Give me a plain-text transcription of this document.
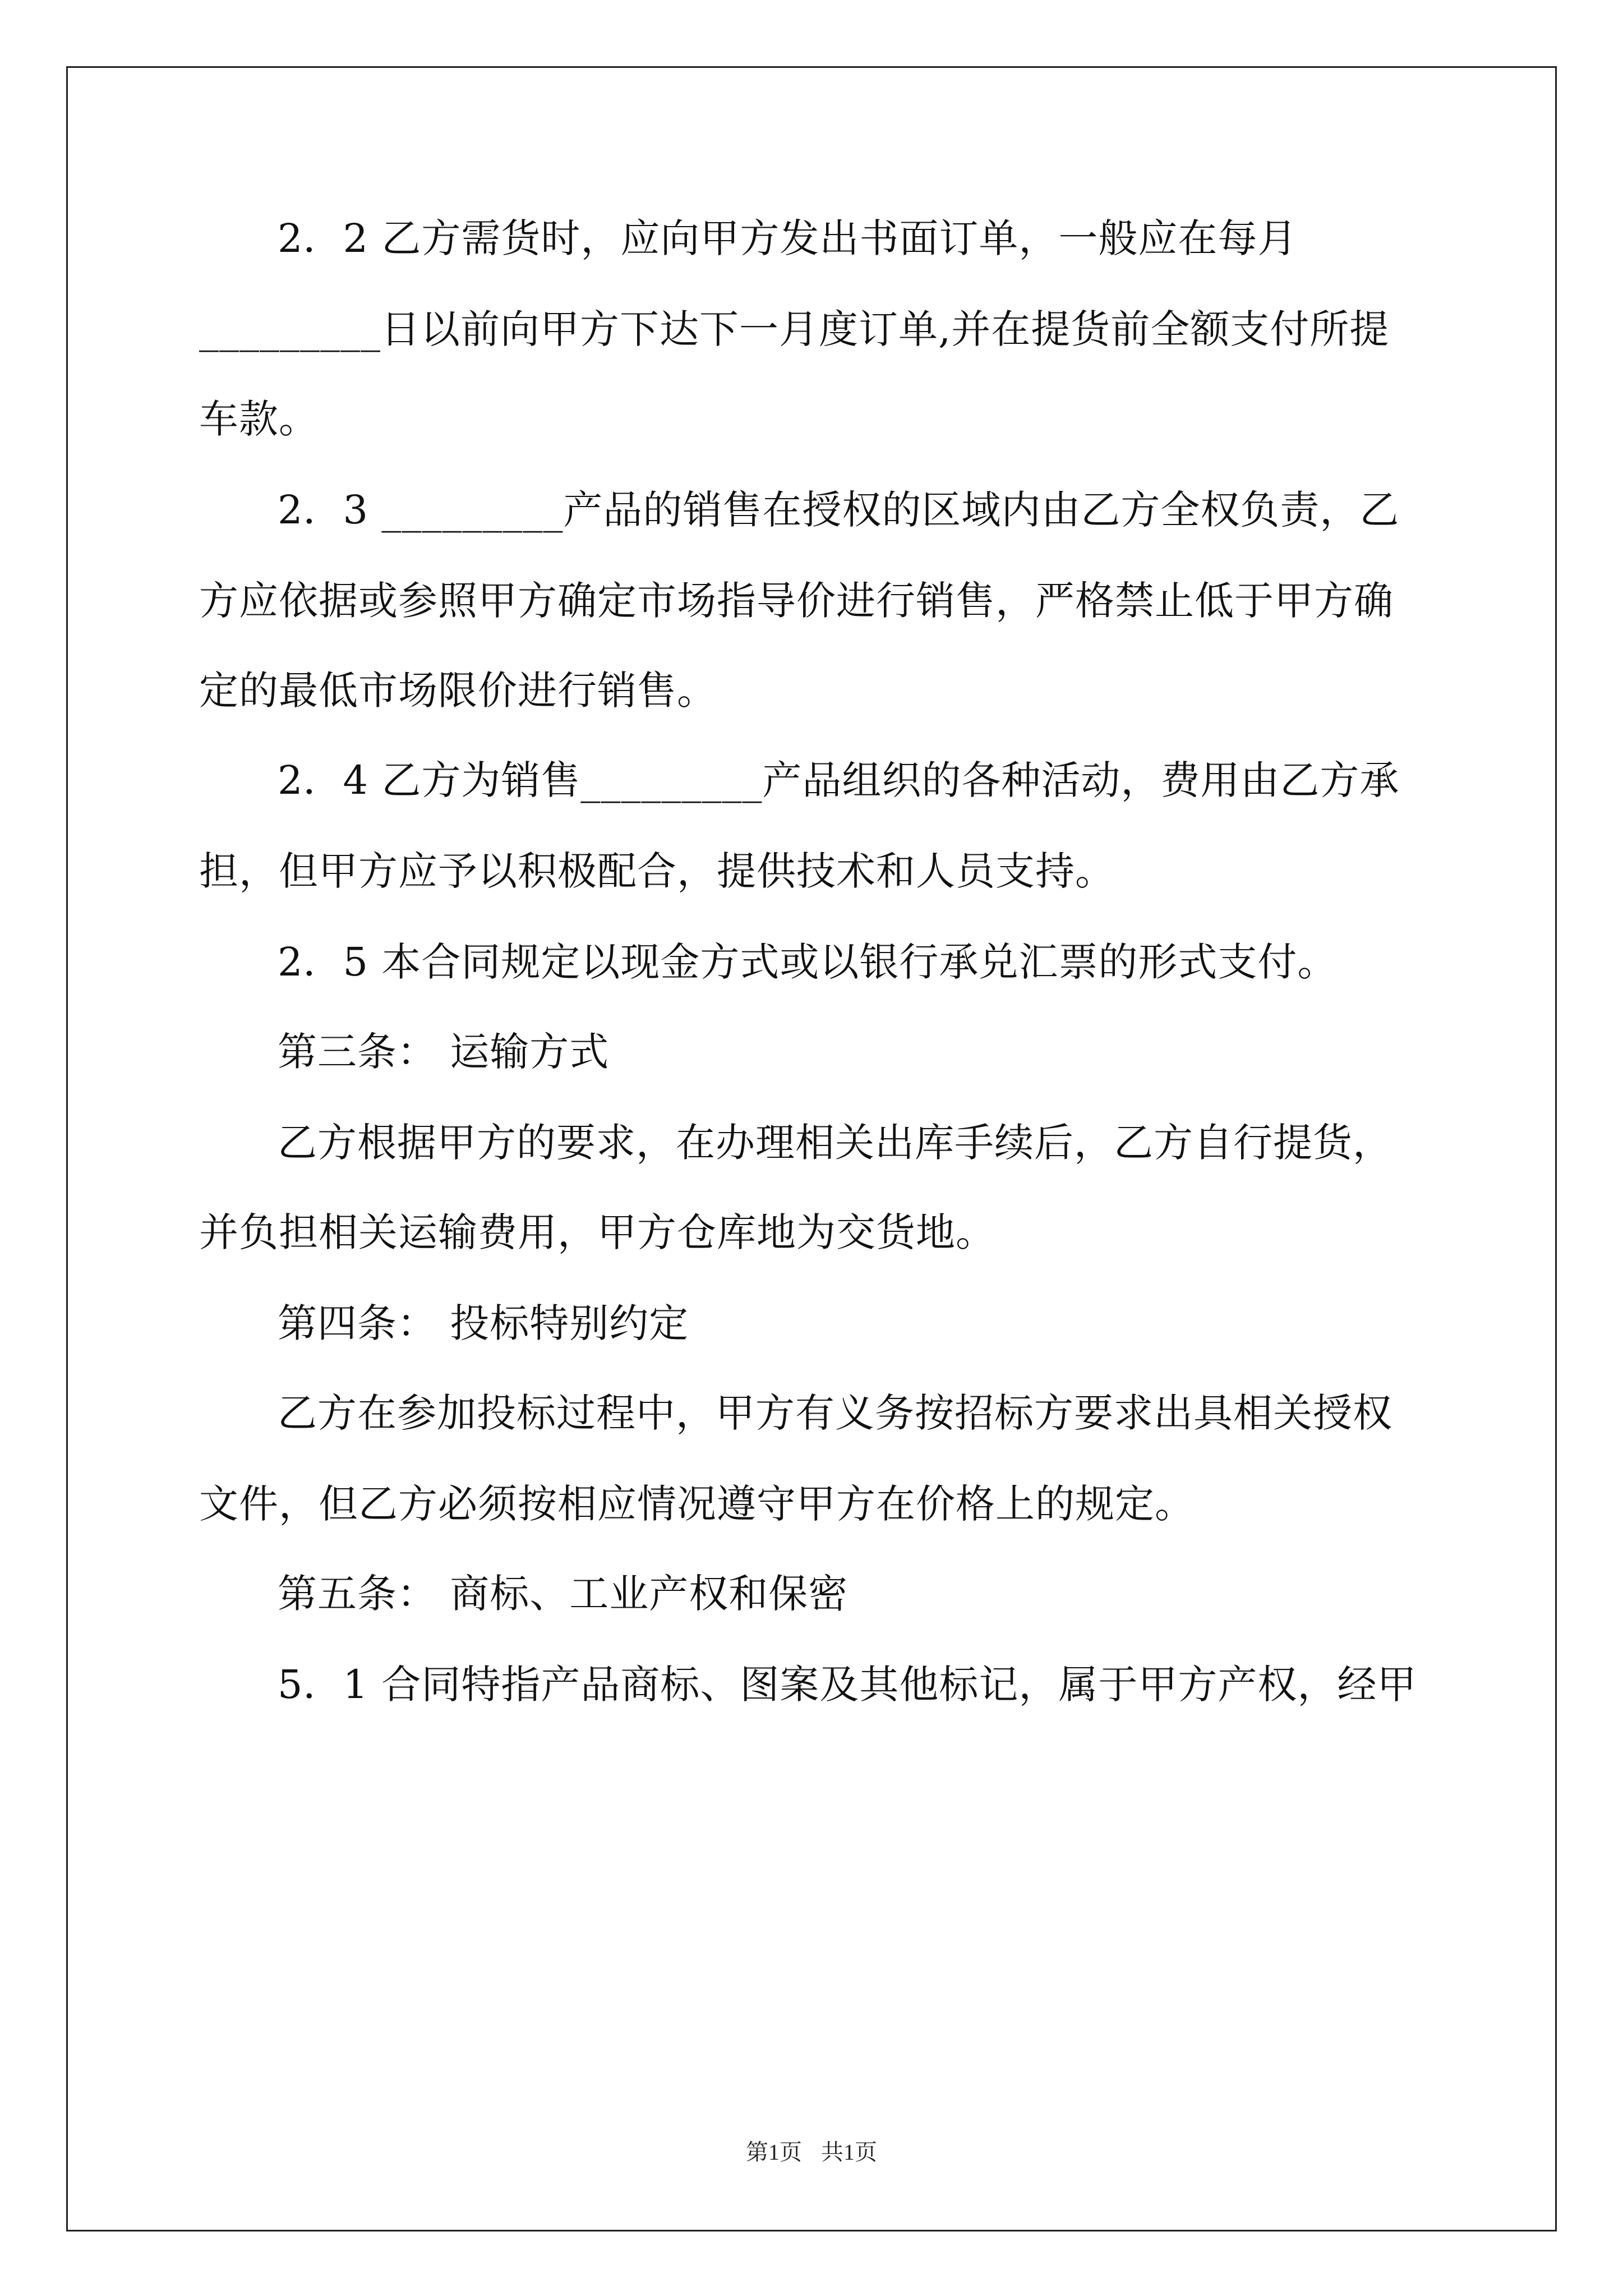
2．2 乙方需货时，应向甲方发出书面订单，一般应在每月
_________日以前向甲方下达下一月度订单,并在提货前全额支付所提
车款。
2．3 _________产品的销售在授权的区域内由乙方全权负责，乙
方应依据或参照甲方确定市场指导价进行销售，严格禁止低于甲方确
定的最低市场限价进行销售。
2．4 乙方为销售_________产品组织的各种活动，费用由乙方承
担，但甲方应予以积极配合，提供技术和人员支持。
2．5 本合同规定以现金方式或以银行承兑汇票的形式支付。
第三条： 运输方式
乙方根据甲方的要求，在办理相关出库手续后，乙方自行提货，
并负担相关运输费用，甲方仓库地为交货地。
第四条： 投标特别约定
乙方在参加投标过程中，甲方有义务按招标方要求出具相关授权
文件，但乙方必须按相应情况遵守甲方在价格上的规定。
第五条： 商标、工业产权和保密
5．1 合同特指产品商标、图案及其他标记，属于甲方产权，经甲
第1页 共1页
